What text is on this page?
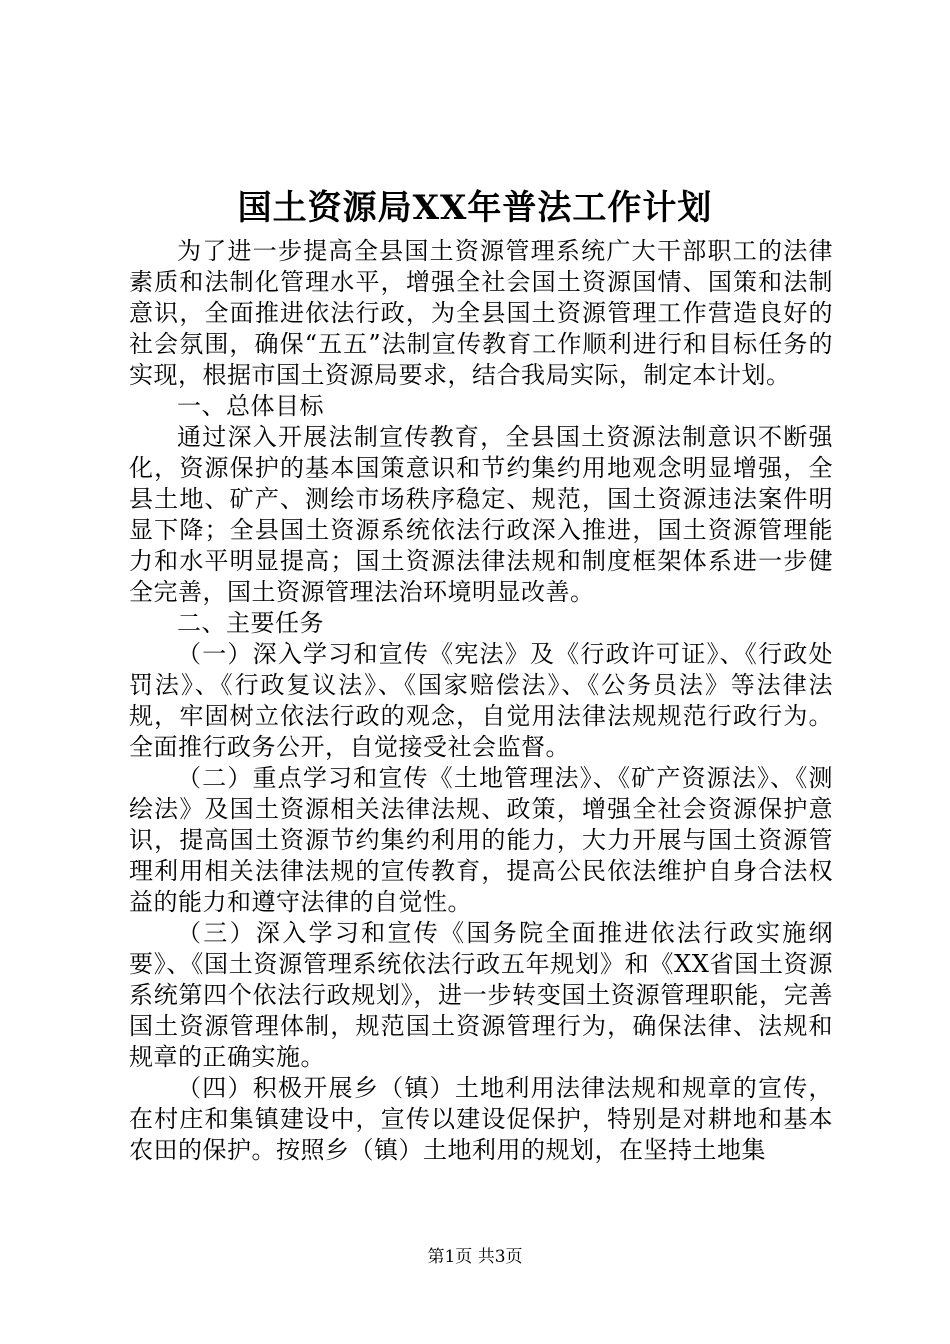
国土资源局XX年普法工作计划

为了进一步提高全县国土资源管理系统广大干部职工的法律素质和法制化管理水平，增强全社会国土资源国情、国策和法制意识，全面推进依法行政，为全县国土资源管理工作营造良好的社会氛围，确保“五五”法制宣传教育工作顺利进行和目标任务的实现，根据市国土资源局要求，结合我局实际，制定本计划。

一、总体目标

通过深入开展法制宣传教育，全县国土资源法制意识不断强化，资源保护的基本国策意识和节约集约用地观念明显增强，全县土地、矿产、测绘市场秩序稳定、规范，国土资源违法案件明显下降；全县国土资源系统依法行政深入推进，国土资源管理能力和水平明显提高；国土资源法律法规和制度框架体系进一步健全完善，国土资源管理法治环境明显改善。

二、主要任务

（一）深入学习和宣传《宪法》及《行政许可证》、《行政处罚法》、《行政复议法》、《国家赔偿法》、《公务员法》等法律法规，牢固树立依法行政的观念，自觉用法律法规规范行政行为。全面推行政务公开，自觉接受社会监督。

（二）重点学习和宣传《土地管理法》、《矿产资源法》、《测绘法》及国土资源相关法律法规、政策，增强全社会资源保护意识，提高国土资源节约集约利用的能力，大力开展与国土资源管理利用相关法律法规的宣传教育，提高公民依法维护自身合法权益的能力和遵守法律的自觉性。

（三）深入学习和宣传《国务院全面推进依法行政实施纲要》、《国土资源管理系统依法行政五年规划》和《XX省国土资源系统第四个依法行政规划》，进一步转变国土资源管理职能，完善国土资源管理体制，规范国土资源管理行为，确保法律、法规和规章的正确实施。

（四）积极开展乡（镇）土地利用法律法规和规章的宣传，在村庄和集镇建设中，宣传以建设促保护，特别是对耕地和基本农田的保护。按照乡（镇）土地利用的规划，在坚持土地集

第1页 共3页
